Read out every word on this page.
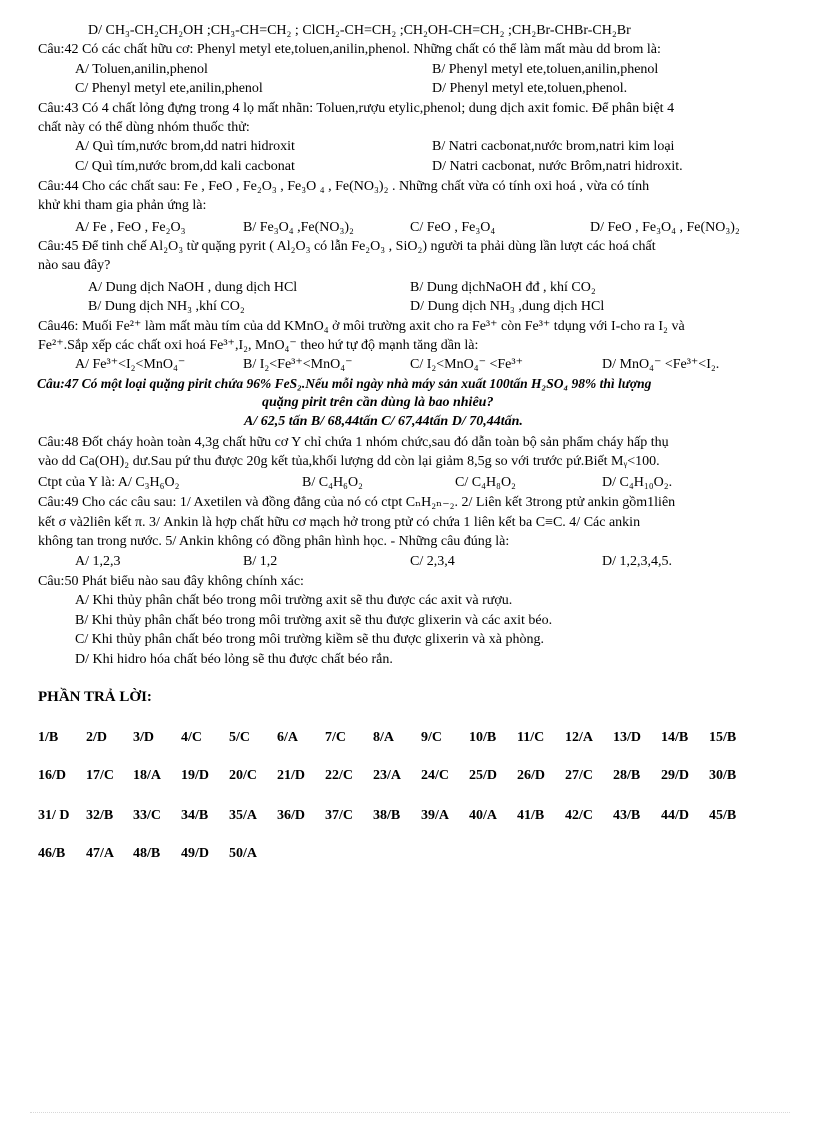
D/ CH₃-CH₂CH₂OH ;CH₃-CH=CH₂ ; ClCH₂-CH=CH₂ ;CH₂OH-CH=CH₂ ;CH₂Br-CHBr-CH₂Br
Câu:42 Có các chất hữu cơ: Phenyl metyl ete,toluen,anilin,phenol. Những chất có thể làm mất màu dd brom là:
A/ Toluen,anilin,phenol	B/ Phenyl metyl ete,toluen,anilin,phenol
C/ Phenyl metyl ete,anilin,phenol	D/ Phenyl metyl ete,toluen,phenol.
Câu:43 Có 4 chất lỏng đựng trong 4 lọ mất nhãn: Toluen,rượu etylic,phenol; dung dịch axit fomic. Để phân biệt 4
chất này có thể dùng nhóm thuốc thử:
A/ Quì tím,nước brom,dd natri hidroxit	B/ Natri cacbonat,nước brom,natri kim loại
C/ Quì tím,nước brom,dd kali cacbonat	D/ Natri cacbonat, nước Brôm,natri hidroxit.
Câu:44 Cho các chất sau: Fe , FeO , Fe₂O₃ , Fe₃O ₄ , Fe(NO₃)₂ . Những chất vừa có tính oxi hoá , vừa có tính
khử khi tham gia phản ứng là:
A/ Fe , FeO , Fe₂O₃	B/ Fe₃O₄ ,Fe(NO₃)₂	C/ FeO , Fe₃O₄	D/ FeO , Fe₃O₄ , Fe(NO₃)₂
Câu:45 Để tinh chế Al₂O₃ từ quặng pyrit ( Al₂O₃ có lẫn Fe₂O₃ , SiO₂) người ta phải dùng lần lượt các hoá chất
nào sau đây?
A/ Dung dịch NaOH , dung dịch HCl	B/ Dung dịchNaOH đđ , khí CO₂
B/ Dung dịch NH₃ ,khí CO₂	D/ Dung dịch NH₃ ,dung dịch HCl
Câu46: Muối Fe²⁺ làm mất màu tím của dd KMnO₄ ở môi trường axit cho ra Fe³⁺ còn Fe³⁺ tdụng với I-cho ra I₂ và
Fe²⁺.Sắp xếp các chất oxi hoá Fe³⁺,I₂, MnO₄⁻ theo hứ tự độ mạnh tăng dần là:
A/ Fe³⁺<I₂<MnO₄⁻	B/ I₂<Fe³⁺<MnO₄⁻	C/ I₂<MnO₄⁻ <Fe³⁺	D/ MnO₄⁻ <Fe³⁺<I₂.
Câu:47 Có một loại quặng pirit chứa 96% FeS₂.Nếu mỗi ngày nhà máy sản xuất 100tấn H₂SO₄ 98% thì lượng
quặng pirit trên cần dùng là bao nhiêu?
A/ 62,5 tấn B/ 68,44tấn C/ 67,44tấn D/ 70,44tấn.
Câu:48 Đốt cháy hoàn toàn 4,3g chất hữu cơ Y chỉ chứa 1 nhóm chức,sau đó dẫn toàn bộ sản phẩm cháy hấp thụ
vào dd Ca(OH)₂ dư.Sau pứ thu được 20g kết tủa,khối lượng dd còn lại giảm 8,5g so với trước pứ.Biết Mᵧ<100.
Ctpt của Y là: A/ C₃H₆O₂	B/ C₄H₆O₂	C/ C₄H₈O₂	D/ C₄H₁₀O₂.
Câu:49 Cho các câu sau: 1/ Axetilen và đồng đẳng của nó có ctpt CₙH₂ₙ₋₂. 2/ Liên kết 3trong ptử ankin gồm1liên
kết σ và2liên kết π. 3/ Ankin là hợp chất hữu cơ mạch hở trong ptử có chứa 1 liên kết ba C≡C. 4/ Các ankin
không tan trong nước. 5/ Ankin không có đồng phân hình học. - Những câu đúng là:
A/ 1,2,3	B/ 1,2	C/ 2,3,4	D/ 1,2,3,4,5.
Câu:50 Phát biểu nào sau đây không chính xác:
A/ Khi thủy phân chất béo trong môi trường axit sẽ thu được các axit và rượu.
B/ Khi thủy phân chất béo trong môi trường axit sẽ thu được glixerin và các axit béo.
C/ Khi thủy phân chất béo trong môi trường kiềm sẽ thu được glixerin và xà phòng.
D/ Khi hidro hóa chất béo lỏng sẽ thu được chất béo rắn.
PHẦN TRẢ LỜI:
1/B 2/D 3/D 4/C 5/C 6/A 7/C 8/A 9/C 10/B 11/C 12/A 13/D 14/B 15/B
16/D 17/C 18/A 19/D 20/C 21/D 22/C 23/A 24/C 25/D 26/D 27/C 28/B 29/D 30/B
31/ D 32/B 33/C 34/B 35/A 36/D 37/C 38/B 39/A 40/A 41/B 42/C 43/B 44/D 45/B
46/B 47/A 48/B 49/D 50/A
